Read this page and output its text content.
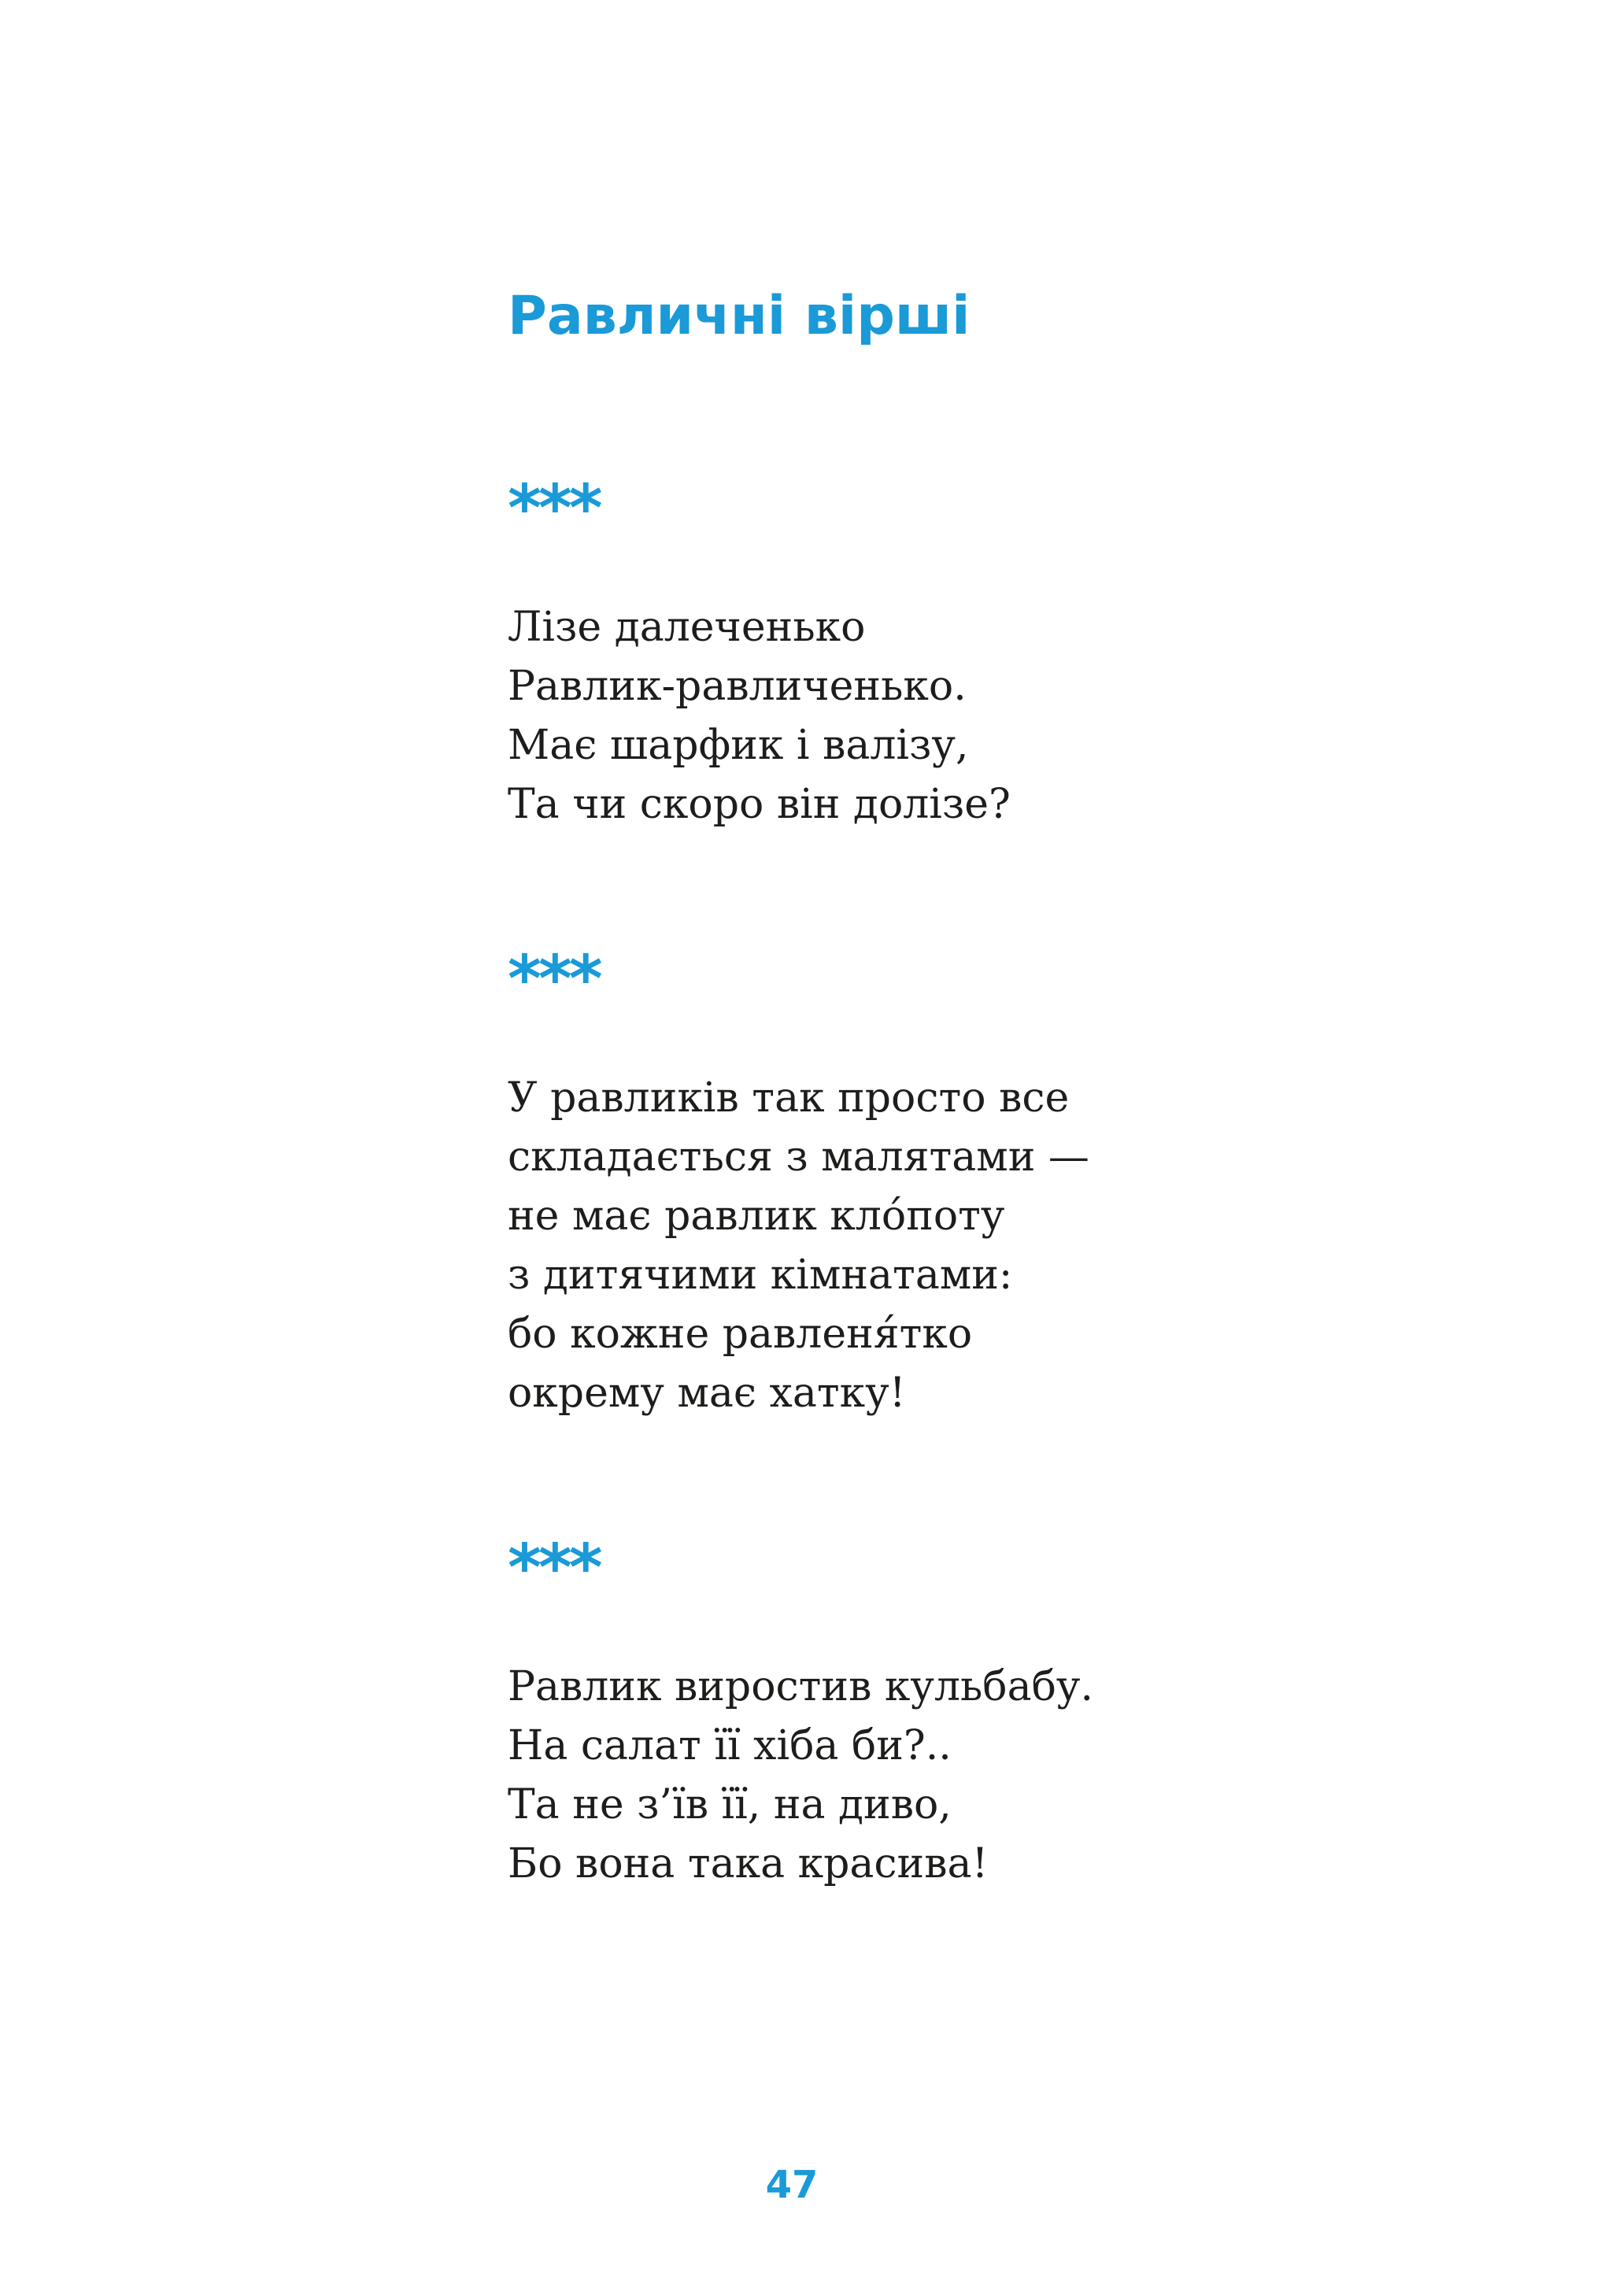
Равличні вірші
***
Лізе далеченько
Равлик-равличенько.
Має шарфик і валізу,
Та чи скоро він долізе?
***
У равликів так просто все
складається з малятами —
не має равлик кло́поту
з дитячими кімнатами:
бо кожне равленя́тко
окрему має хатку!
***
Равлик виростив кульбабу.
На салат її хіба би?..
Та не з’їв її, на диво,
Бо вона така красива!
47
